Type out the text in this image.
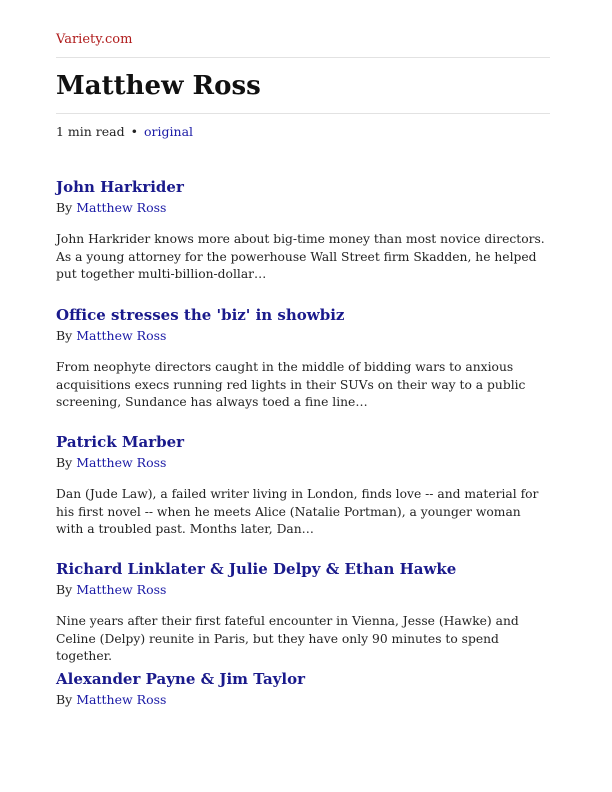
Variety.com
Matthew Ross
1 min read • original
John Harkrider
By Matthew Ross
John Harkrider knows more about big-time money than most novice directors. As a young attorney for the powerhouse Wall Street firm Skadden, he helped put together multi-billion-dollar…
Office stresses the 'biz' in showbiz
By Matthew Ross
From neophyte directors caught in the middle of bidding wars to anxious acquisitions execs running red lights in their SUVs on their way to a public screening, Sundance has always toed a fine line…
Patrick Marber
By Matthew Ross
Dan (Jude Law), a failed writer living in London, finds love -- and material for his first novel -- when he meets Alice (Natalie Portman), a younger woman with a troubled past. Months later, Dan…
Richard Linklater & Julie Delpy & Ethan Hawke
By Matthew Ross
Nine years after their first fateful encounter in Vienna, Jesse (Hawke) and Celine (Delpy) reunite in Paris, but they have only 90 minutes to spend together.
Alexander Payne & Jim Taylor
By Matthew Ross
